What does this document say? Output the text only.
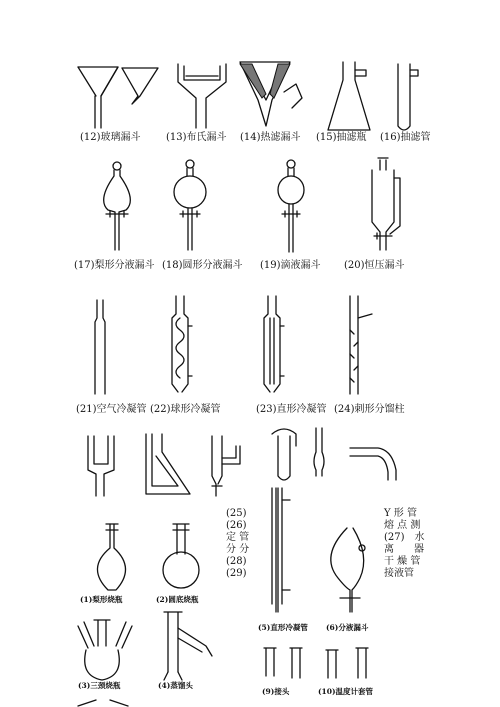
(12)玻璃漏斗	(13)布氏漏斗 (14)热滤漏斗 (15)抽滤瓶 (16)抽滤管
(17)梨形分液漏斗 (18)圆形分液漏斗 (19)滴液漏斗 (20)恒压漏斗
(21)空气冷凝管 (22)球形冷凝管	(23)直形冷凝管 (24)刺形分馏柱
(25)
(26)
定 管
分 分
(28)
(29)
Y 形 管
熔 点 测
(27)　水
离　　器
干 燥 管
接液管
(1)梨形烧瓶	(2)圆底烧瓶
(3)三颈烧瓶	(4)蒸馏头
(5)直形冷凝管 (6)分液漏斗
(9)接头	(10)温度计套管
